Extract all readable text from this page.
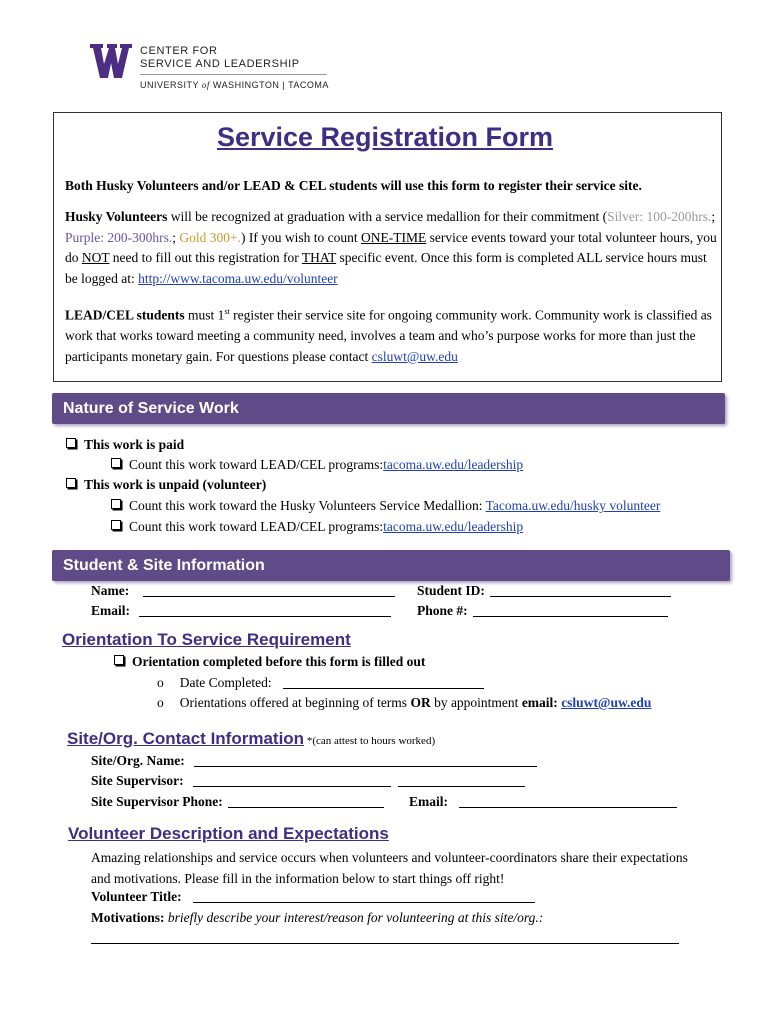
CENTER FOR
SERVICE AND LEADERSHIP
UNIVERSITY of WASHINGTON | TACOMA
Service Registration Form
Both Husky Volunteers and/or LEAD & CEL students will use this form to register their service site.
Husky Volunteers will be recognized at graduation with a service medallion for their commitment (Silver: 100-200hrs.; Purple: 200-300hrs.; Gold 300+.) If you wish to count ONE-TIME service events toward your total volunteer hours, you do NOT need to fill out this registration for THAT specific event. Once this form is completed ALL service hours must be logged at: http://www.tacoma.uw.edu/volunteer
LEAD/CEL students must 1st register their service site for ongoing community work. Community work is classified as work that works toward meeting a community need, involves a team and who’s purpose works for more than just the participants monetary gain. For questions please contact csluwt@uw.edu
Nature of Service Work
This work is paid
Count this work toward LEAD/CEL programs:tacoma.uw.edu/leadership
This work is unpaid (volunteer)
Count this work toward the Husky Volunteers Service Medallion: Tacoma.uw.edu/husky volunteer
Count this work toward LEAD/CEL programs:tacoma.uw.edu/leadership
Student & Site Information
Name:
Email:
Student ID:
Phone #:
Orientation To Service Requirement
Orientation completed before this form is filled out
o Date Completed:
o Orientations offered at beginning of terms OR by appointment email: csluwt@uw.edu
Site/Org. Contact Information *(can attest to hours worked)
Site/Org. Name:
Site Supervisor:
Site Supervisor Phone:	Email:
Volunteer Description and Expectations
Amazing relationships and service occurs when volunteers and volunteer-coordinators share their expectations and motivations. Please fill in the information below to start things off right!
Volunteer Title:
Motivations: briefly describe your interest/reason for volunteering at this site/org.:
